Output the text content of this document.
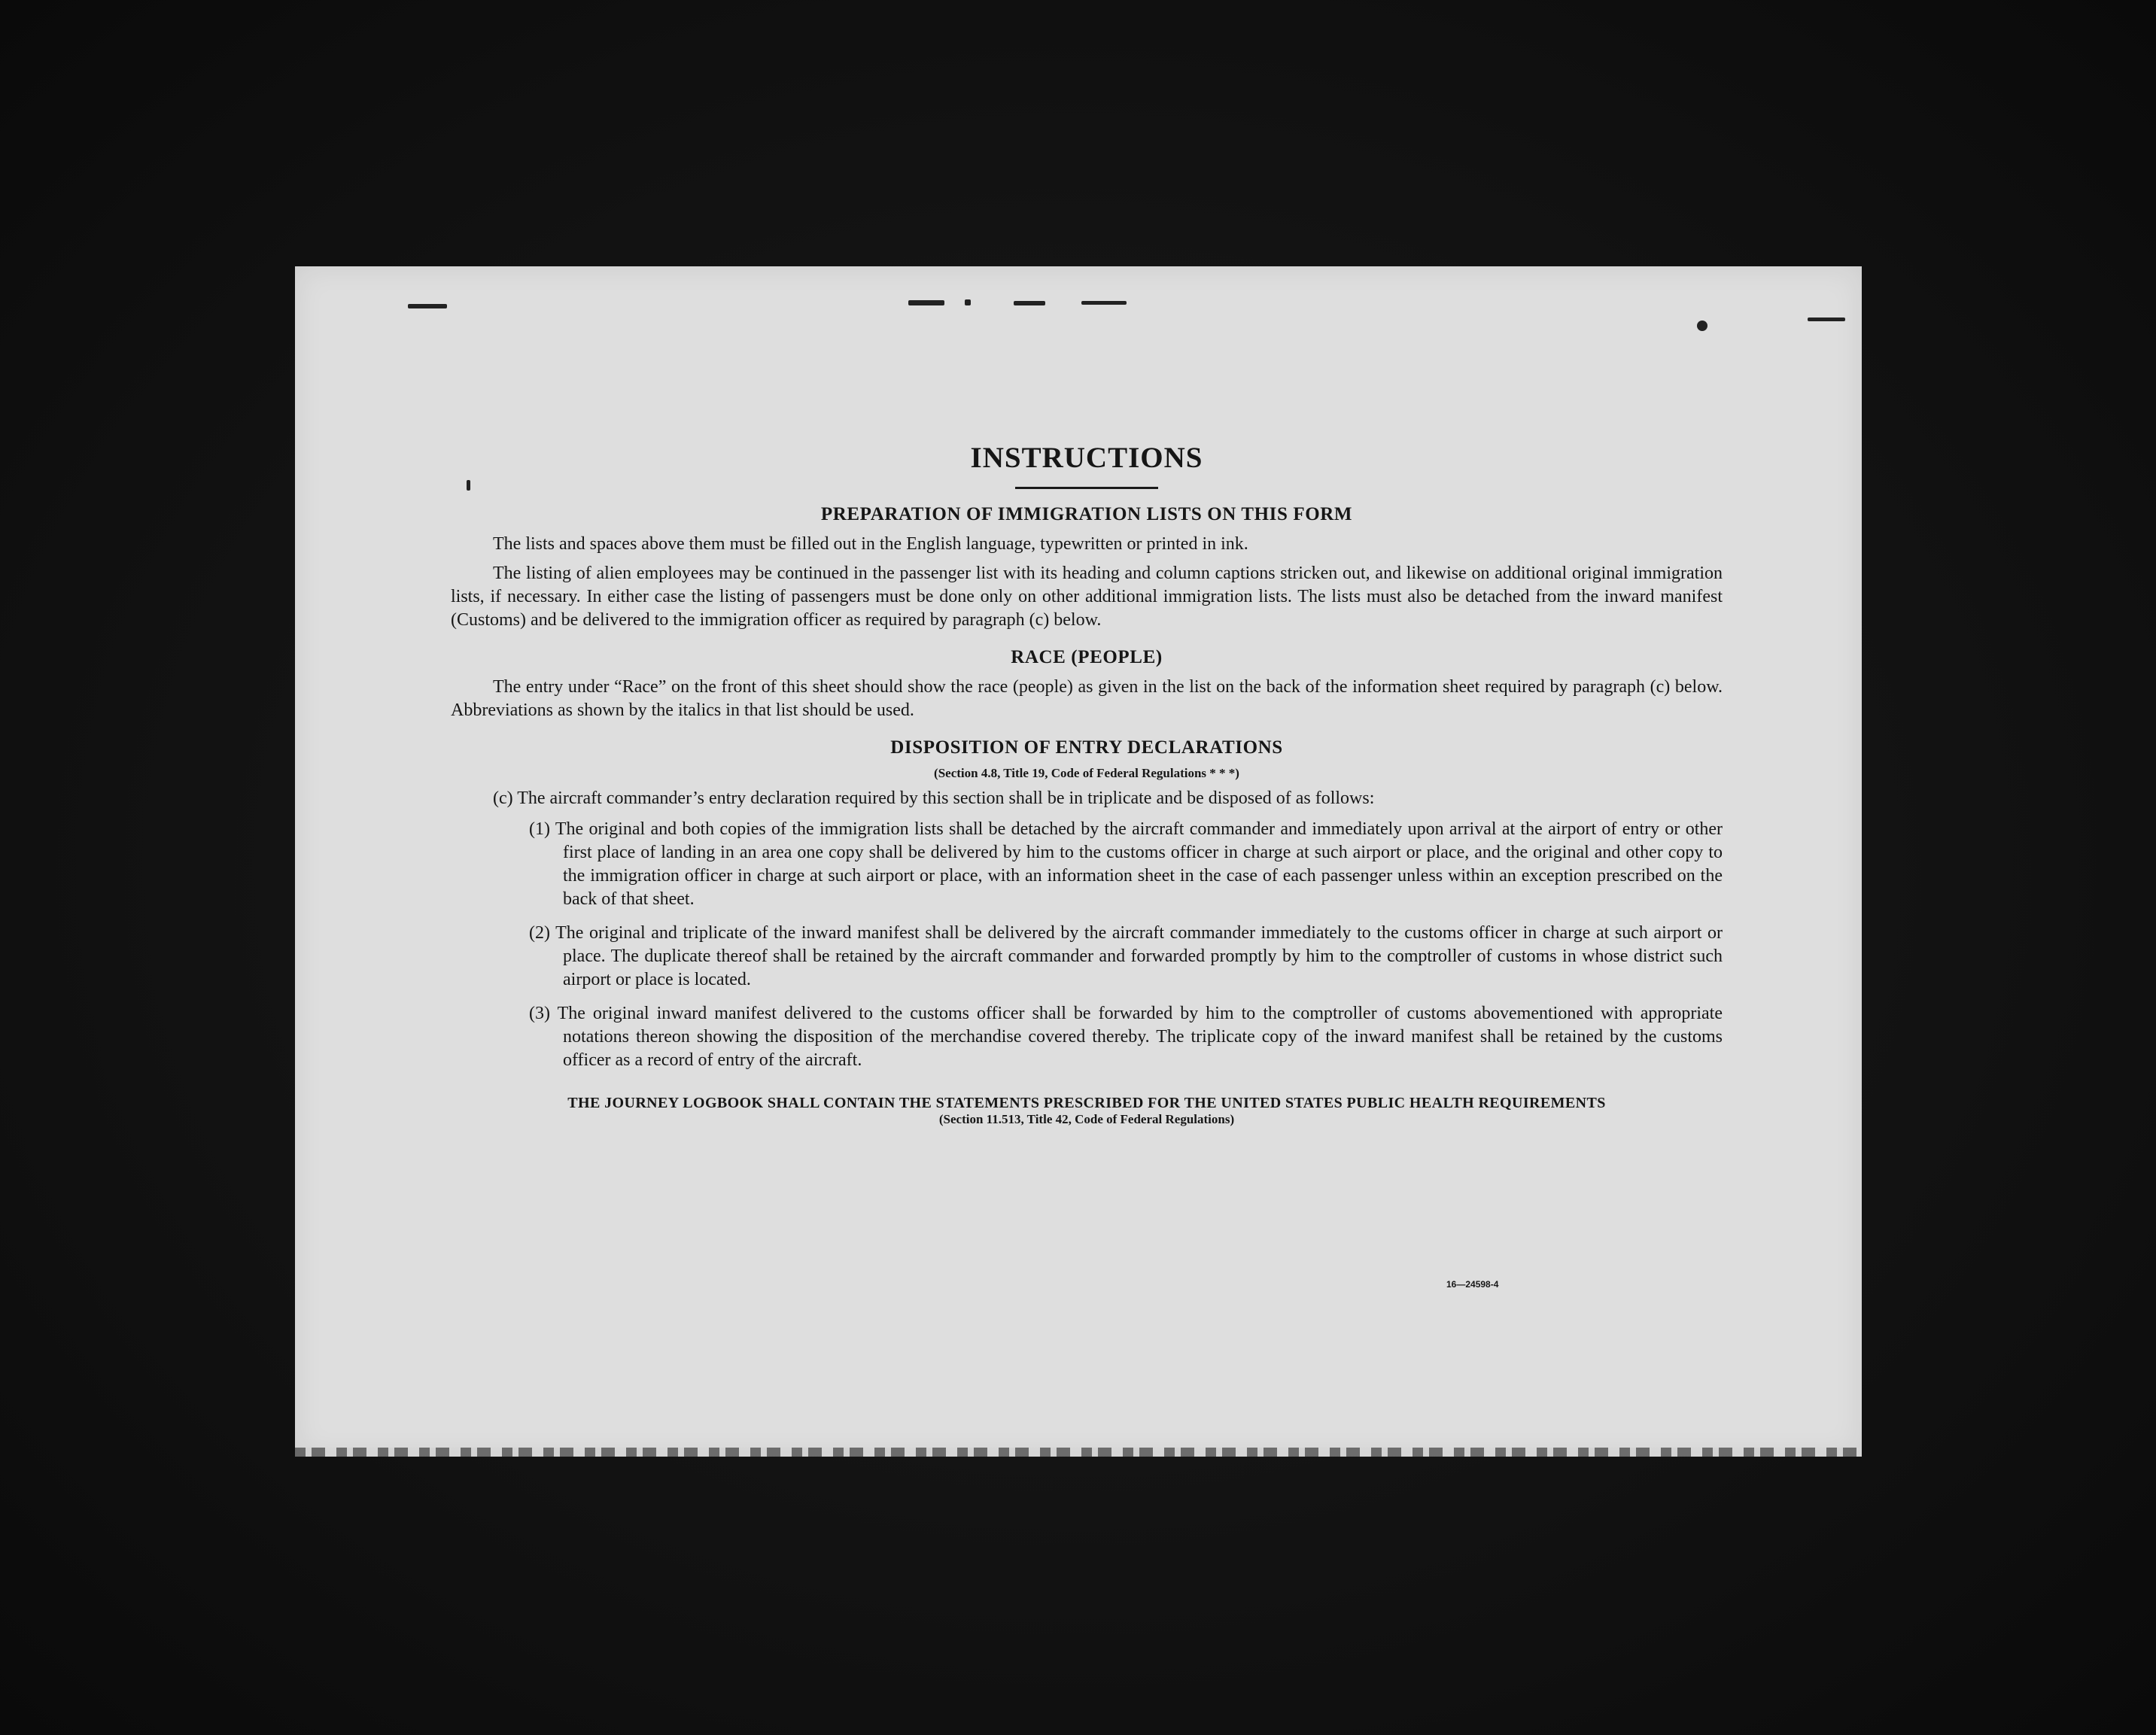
INSTRUCTIONS
PREPARATION OF IMMIGRATION LISTS ON THIS FORM

The lists and spaces above them must be filled out in the English language, typewritten or printed in ink.

The listing of alien employees may be continued in the passenger list with its heading and column captions stricken out, and likewise on additional original immigration lists, if necessary. In either case the listing of passengers must be done only on other additional immigration lists. The lists must also be detached from the inward manifest (Customs) and be delivered to the immigration officer as required by paragraph (c) below.

RACE (PEOPLE)

The entry under “Race” on the front of this sheet should show the race (people) as given in the list on the back of the information sheet required by paragraph (c) below. Abbreviations as shown by the italics in that list should be used.

DISPOSITION OF ENTRY DECLARATIONS
(Section 4.8, Title 19, Code of Federal Regulations * * *)

(c) The aircraft commander’s entry declaration required by this section shall be in triplicate and be disposed of as follows:

(1) The original and both copies of the immigration lists shall be detached by the aircraft commander and immediately upon arrival at the airport of entry or other first place of landing in an area one copy shall be delivered by him to the customs officer in charge at such airport or place, and the original and other copy to the immigration officer in charge at such airport or place, with an information sheet in the case of each passenger unless within an exception prescribed on the back of that sheet.

(2) The original and triplicate of the inward manifest shall be delivered by the aircraft commander immediately to the customs officer in charge at such airport or place. The duplicate thereof shall be retained by the aircraft commander and forwarded promptly by him to the comptroller of customs in whose district such airport or place is located.

(3) The original inward manifest delivered to the customs officer shall be forwarded by him to the comptroller of customs abovementioned with appropriate notations thereon showing the disposition of the merchandise covered thereby. The triplicate copy of the inward manifest shall be retained by the customs officer as a record of entry of the aircraft.

THE JOURNEY LOGBOOK SHALL CONTAIN THE STATEMENTS PRESCRIBED FOR THE UNITED STATES PUBLIC HEALTH REQUIREMENTS
(Section 11.513, Title 42, Code of Federal Regulations)
16—24598-4
